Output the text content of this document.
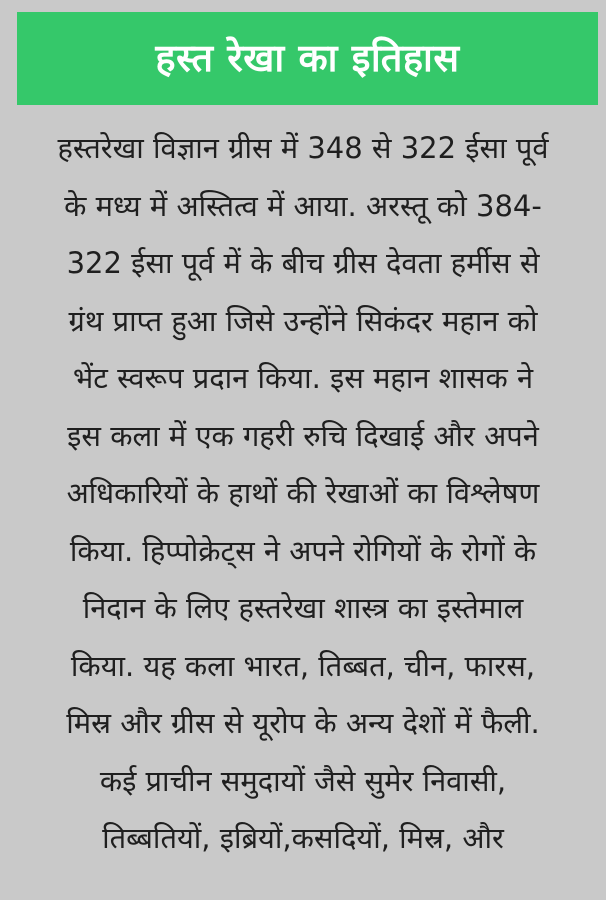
हस्त रेखा का इतिहास
हस्तरेखा विज्ञान ग्रीस में 348 से 322 ईसा पूर्व
के मध्य में अस्तित्व में आया. अरस्तू को 384-
322 ईसा पूर्व में के बीच ग्रीस देवता हर्मीस से
ग्रंथ प्राप्त हुआ जिसे उन्होंने सिकंदर महान को
भेंट स्वरूप प्रदान किया. इस महान शासक ने
इस कला में एक गहरी रुचि दिखाई और अपने
अधिकारियों के हाथों की रेखाओं का विश्लेषण
किया. हिप्पोक्रेट्स ने अपने रोगियों के रोगों के
निदान के लिए हस्तरेखा शास्त्र का इस्तेमाल
किया. यह कला भारत, तिब्बत, चीन, फारस,
मिस्र और ग्रीस से यूरोप के अन्य देशों में फैली.
कई प्राचीन समुदायों जैसे सुमेर निवासी,
तिब्बतियों, इब्रियों,कसदियों, मिस्र, और
